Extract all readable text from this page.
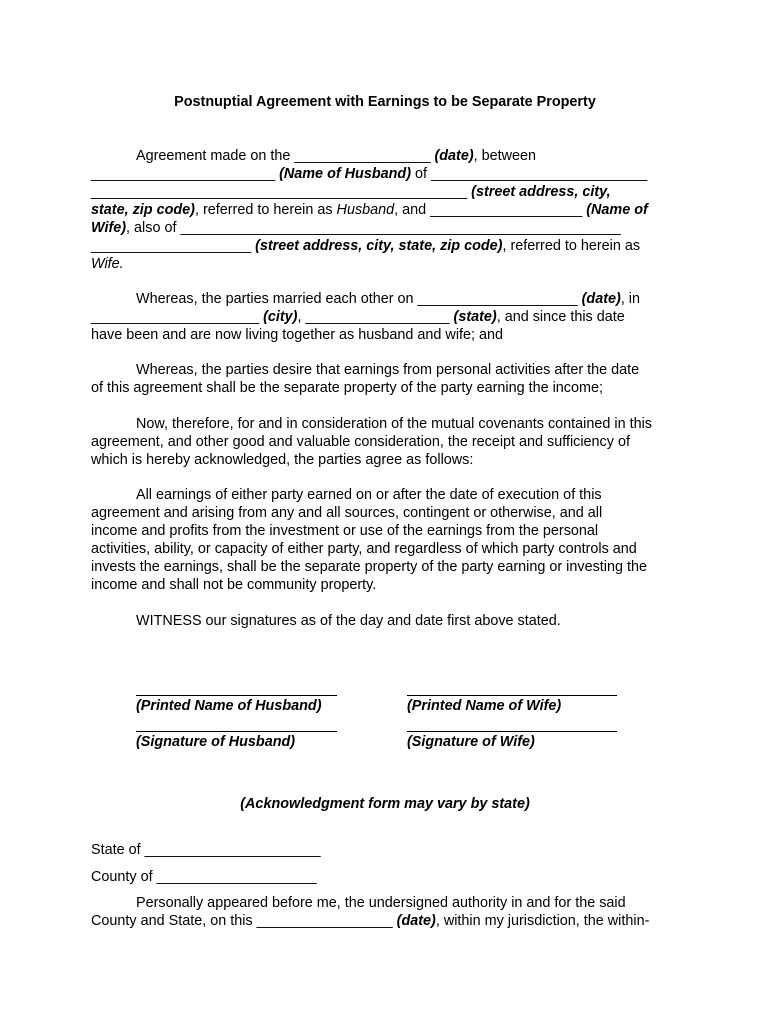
Postnuptial Agreement with Earnings to be Separate Property
Agreement made on the _________________ (date), between
_______________________ (Name of Husband) of ___________________________
_______________________________________________ (street address, city,
state, zip code), referred to herein as Husband, and ___________________ (Name of
Wife), also of _______________________________________________________
____________________ (street address, city, state, zip code), referred to herein as
Wife.
Whereas, the parties married each other on ____________________ (date), in
_____________________ (city), __________________ (state), and since this date
have been and are now living together as husband and wife; and
Whereas, the parties desire that earnings from personal activities after the date
of this agreement shall be the separate property of the party earning the income;
Now, therefore, for and in consideration of the mutual covenants contained in this
agreement, and other good and valuable consideration, the receipt and sufficiency of
which is hereby acknowledged, the parties agree as follows:
All earnings of either party earned on or after the date of execution of this
agreement and arising from any and all sources, contingent or otherwise, and all
income and profits from the investment or use of the earnings from the personal
activities, ability, or capacity of either party, and regardless of which party controls and
invests the earnings, shall be the separate property of the party earning or investing the
income and shall not be community property.
WITNESS our signatures as of the day and date first above stated.
(Printed Name of Husband)	(Printed Name of Wife)
(Signature of Husband)	(Signature of Wife)
(Acknowledgment form may vary by state)
State of ______________________
County of ____________________
Personally appeared before me, the undersigned authority in and for the said
County and State, on this _________________ (date), within my jurisdiction, the within-
